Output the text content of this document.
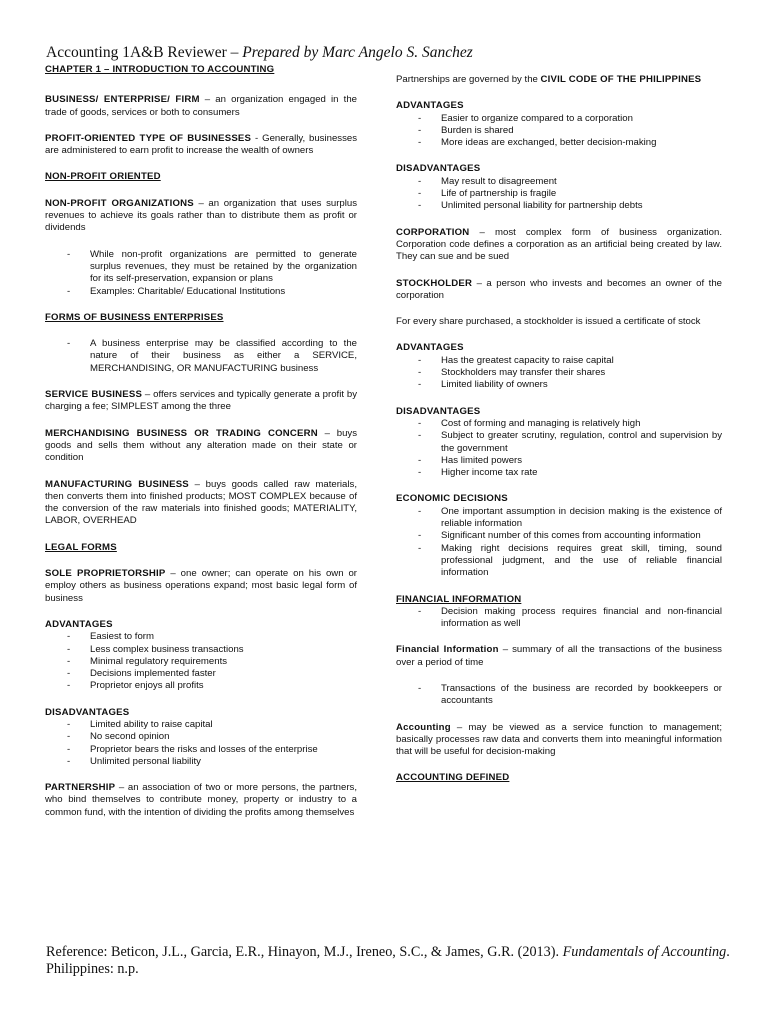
Accounting 1A&B Reviewer – Prepared by Marc Angelo S. Sanchez

CHAPTER 1 – INTRODUCTION TO ACCOUNTING

BUSINESS/ ENTERPRISE/ FIRM – an organization engaged in the trade of goods, services or both to consumers

PROFIT-ORIENTED TYPE OF BUSINESSES - Generally, businesses are administered to earn profit to increase the wealth of owners

NON-PROFIT ORIENTED

NON-PROFIT ORGANIZATIONS – an organization that uses surplus revenues to achieve its goals rather than to distribute them as profit or dividends

- While non-profit organizations are permitted to generate surplus revenues, they must be retained by the organization for its self-preservation, expansion or plans
- Examples: Charitable/ Educational Institutions

FORMS OF BUSINESS ENTERPRISES

- A business enterprise may be classified according to the nature of their business as either a SERVICE, MERCHANDISING, OR MANUFACTURING business

SERVICE BUSINESS – offers services and typically generate a profit by charging a fee; SIMPLEST among the three

MERCHANDISING BUSINESS OR TRADING CONCERN – buys goods and sells them without any alteration made on their state or condition

MANUFACTURING BUSINESS – buys goods called raw materials, then converts them into finished products; MOST COMPLEX because of the conversion of the raw materials into finished goods; MATERIALITY, LABOR, OVERHEAD

LEGAL FORMS

SOLE PROPRIETORSHIP – one owner; can operate on his own or employ others as business operations expand; most basic legal form of business

ADVANTAGES

- Easiest to form
- Less complex business transactions
- Minimal regulatory requirements
- Decisions implemented faster
- Proprietor enjoys all profits

DISADVANTAGES

- Limited ability to raise capital
- No second opinion
- Proprietor bears the risks and losses of the enterprise
- Unlimited personal liability

PARTNERSHIP – an association of two or more persons, the partners, who bind themselves to contribute money, property or industry to a common fund, with the intention of dividing the profits among themselves

Partnerships are governed by the CIVIL CODE OF THE PHILIPPINES

ADVANTAGES

- Easier to organize compared to a corporation
- Burden is shared
- More ideas are exchanged, better decision-making

DISADVANTAGES

- May result to disagreement
- Life of partnership is fragile
- Unlimited personal liability for partnership debts

CORPORATION – most complex form of business organization. Corporation code defines a corporation as an artificial being created by law. They can sue and be sued

STOCKHOLDER – a person who invests and becomes an owner of the corporation

For every share purchased, a stockholder is issued a certificate of stock

ADVANTAGES

- Has the greatest capacity to raise capital
- Stockholders may transfer their shares
- Limited liability of owners

DISADVANTAGES

- Cost of forming and managing is relatively high
- Subject to greater scrutiny, regulation, control and supervision by the government
- Has limited powers
- Higher income tax rate

ECONOMIC DECISIONS

- One important assumption in decision making is the existence of reliable information
- Significant number of this comes from accounting information
- Making right decisions requires great skill, timing, sound professional judgment, and the use of reliable financial information

FINANCIAL INFORMATION

- Decision making process requires financial and non-financial information as well

Financial Information – summary of all the transactions of the business over a period of time

- Transactions of the business are recorded by bookkeepers or accountants

Accounting – may be viewed as a service function to management; basically processes raw data and converts them into meaningful information that will be useful for decision-making

ACCOUNTING DEFINED

Reference: Beticon, J.L., Garcia, E.R., Hinayon, M.J., Ireneo, S.C., & James, G.R. (2013). Fundamentals of Accounting. Philippines: n.p.
